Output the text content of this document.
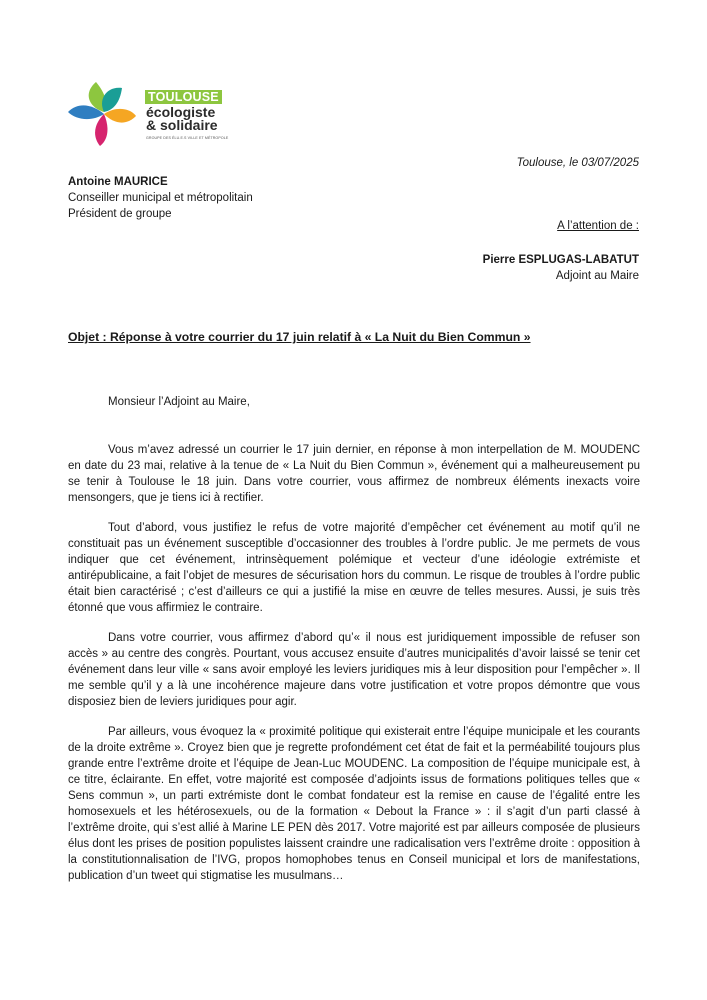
TOULOUSE
écologiste
& solidaire
GROUPE DES ÉLU.E.S VILLE ET MÉTROPOLE
Toulouse, le 03/07/2025
Antoine MAURICE
Conseiller municipal et métropolitain
Président de groupe
A l’attention de :
Pierre ESPLUGAS-LABATUT
Adjoint au Maire
Objet : Réponse à votre courrier du 17 juin relatif à « La Nuit du Bien Commun »
Monsieur l’Adjoint au Maire,

Vous m’avez adressé un courrier le 17 juin dernier, en réponse à mon interpellation de M. MOUDENC en date du 23 mai, relative à la tenue de « La Nuit du Bien Commun », événement qui a malheureusement pu se tenir à Toulouse le 18 juin. Dans votre courrier, vous affirmez de nombreux éléments inexacts voire mensongers, que je tiens ici à rectifier.

Tout d’abord, vous justifiez le refus de votre majorité d’empêcher cet événement au motif qu’il ne constituait pas un événement susceptible d’occasionner des troubles à l’ordre public. Je me permets de vous indiquer que cet événement, intrinsèquement polémique et vecteur d’une idéologie extrémiste et antirépublicaine, a fait l’objet de mesures de sécurisation hors du commun. Le risque de troubles à l’ordre public était bien caractérisé ; c’est d’ailleurs ce qui a justifié la mise en œuvre de telles mesures. Aussi, je suis très étonné que vous affirmiez le contraire.

Dans votre courrier, vous affirmez d’abord qu’« il nous est juridiquement impossible de refuser son accès » au centre des congrès. Pourtant, vous accusez ensuite d’autres municipalités d’avoir laissé se tenir cet événement dans leur ville « sans avoir employé les leviers juridiques mis à leur disposition pour l’empêcher ». Il me semble qu’il y a là une incohérence majeure dans votre justification et votre propos démontre que vous disposiez bien de leviers juridiques pour agir.

Par ailleurs, vous évoquez la « proximité politique qui existerait entre l’équipe municipale et les courants de la droite extrême ». Croyez bien que je regrette profondément cet état de fait et la perméabilité toujours plus grande entre l’extrême droite et l’équipe de Jean-Luc MOUDENC. La composition de l’équipe municipale est, à ce titre, éclairante. En effet, votre majorité est composée d’adjoints issus de formations politiques telles que « Sens commun », un parti extrémiste dont le combat fondateur est la remise en cause de l’égalité entre les homosexuels et les hétérosexuels, ou de la formation « Debout la France » : il s’agit d’un parti classé à l’extrême droite, qui s’est allié à Marine LE PEN dès 2017. Votre majorité est par ailleurs composée de plusieurs élus dont les prises de position populistes laissent craindre une radicalisation vers l’extrême droite : opposition à la constitutionnalisation de l’IVG, propos homophobes tenus en Conseil municipal et lors de manifestations, publication d’un tweet qui stigmatise les musulmans…
